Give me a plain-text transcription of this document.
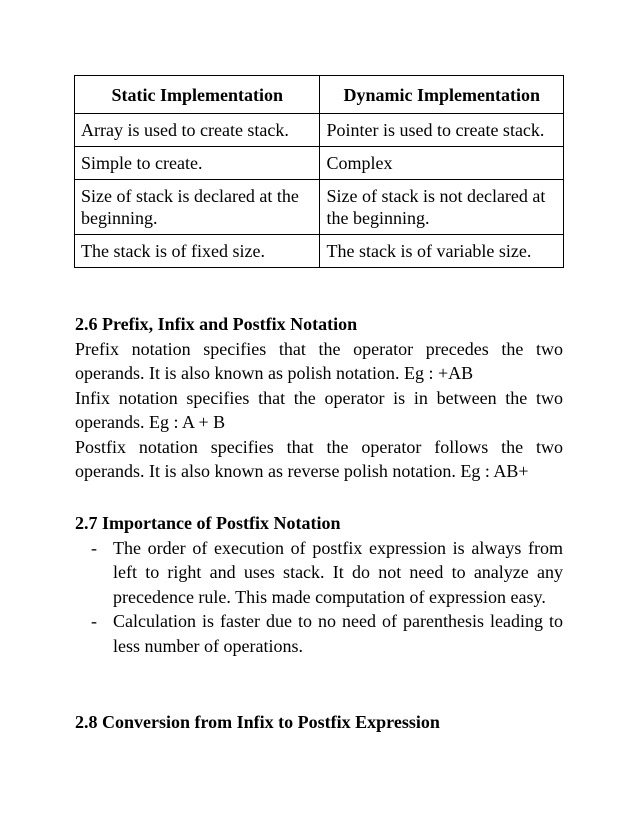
Static Implementation	Dynamic Implementation
Array is used to create stack.	Pointer is used to create stack.
Simple to create.	Complex
Size of stack is declared at the beginning.	Size of stack is not declared at the beginning.
The stack is of fixed size.	The stack is of variable size.

2.6 Prefix, Infix and Postfix Notation

Prefix notation specifies that the operator precedes the two operands. It is also known as polish notation. Eg : +AB

Infix notation specifies that the operator is in between the two operands. Eg : A + B

Postfix notation specifies that the operator follows the two operands. It is also known as reverse polish notation. Eg : AB+

2.7 Importance of Postfix Notation

- The order of execution of postfix expression is always from left to right and uses stack. It do not need to analyze any precedence rule. This made computation of expression easy.
- Calculation is faster due to no need of parenthesis leading to less number of operations.

2.8 Conversion from Infix to Postfix Expression
